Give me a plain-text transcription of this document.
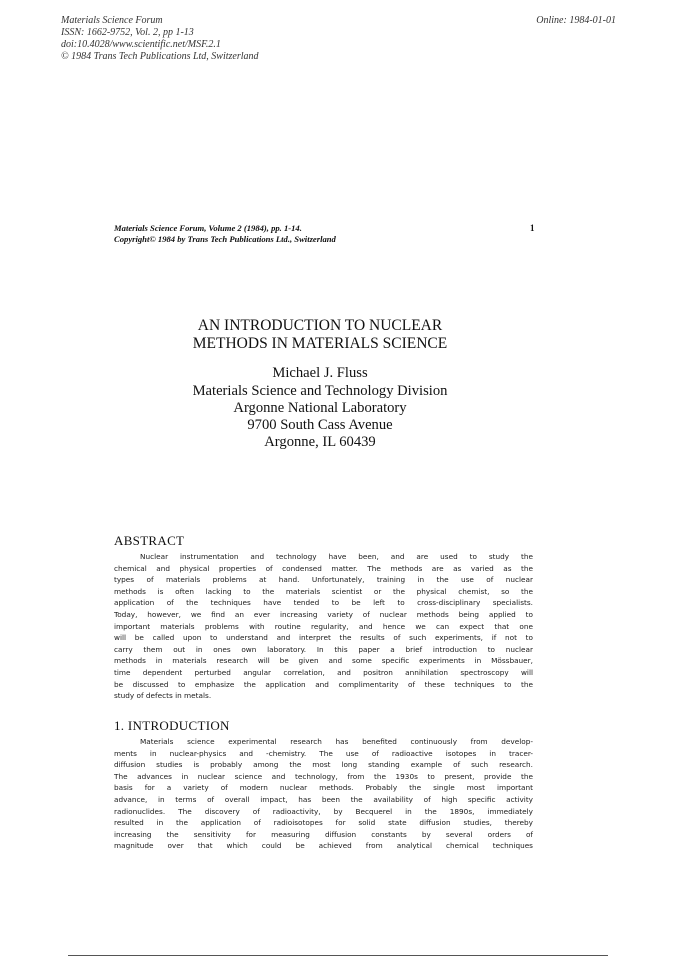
Materials Science Forum
ISSN: 1662-9752, Vol. 2, pp 1-13
doi:10.4028/www.scientific.net/MSF.2.1
© 1984 Trans Tech Publications Ltd, Switzerland
Online: 1984-01-01
Materials Science Forum, Volume 2 (1984), pp. 1-14.
Copyright© 1984 by Trans Tech Publications Ltd., Switzerland
1
AN INTRODUCTION TO NUCLEAR
METHODS IN MATERIALS SCIENCE
Michael J. Fluss
Materials Science and Technology Division
Argonne National Laboratory
9700 South Cass Avenue
Argonne, IL 60439
ABSTRACT
Nuclear instrumentation and technology have been, and are used to study the
chemical and physical properties of condensed matter. The methods are as varied as the
types of materials problems at hand. Unfortunately, training in the use of nuclear
methods is often lacking to the materials scientist or the physical chemist, so the
application of the techniques have tended to be left to cross-disciplinary specialists.
Today, however, we find an ever increasing variety of nuclear methods being applied to
important materials problems with routine regularity, and hence we can expect that one
will be called upon to understand and interpret the results of such experiments, if not to
carry them out in ones own laboratory. In this paper a brief introduction to nuclear
methods in materials research will be given and some specific experiments in Mössbauer,
time dependent perturbed angular correlation, and positron annihilation spectroscopy will
be discussed to emphasize the application and complimentarity of these techniques to the
study of defects in metals.
1. INTRODUCTION
Materials science experimental research has benefited continuously from develop-
ments in nuclear-physics and -chemistry. The use of radioactive isotopes in tracer-
diffusion studies is probably among the most long standing example of such research.
The advances in nuclear science and technology, from the 1930s to present, provide the
basis for a variety of modern nuclear methods. Probably the single most important
advance, in terms of overall impact, has been the availability of high specific activity
radionuclides. The discovery of radioactivity, by Becquerel in the 1890s, immediately
resulted in the application of radioisotopes for solid state diffusion studies, thereby
increasing the sensitivity for measuring diffusion constants by several orders of
magnitude over that which could be achieved from analytical chemical techniques
